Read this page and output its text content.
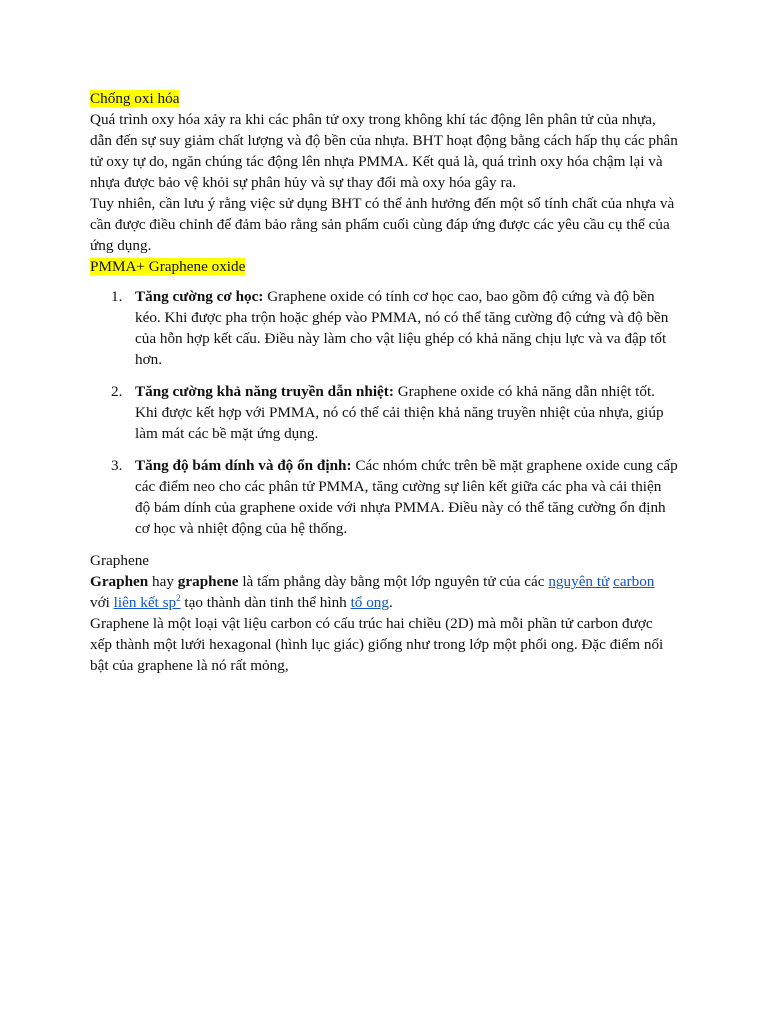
Chống oxi hóa

Quá trình oxy hóa xảy ra khi các phân tử oxy trong không khí tác động lên phân tử của nhựa, dẫn đến sự suy giảm chất lượng và độ bền của nhựa. BHT hoạt động bằng cách hấp thụ các phân tử oxy tự do, ngăn chúng tác động lên nhựa PMMA. Kết quả là, quá trình oxy hóa chậm lại và nhựa được bảo vệ khỏi sự phân hủy và sự thay đổi mà oxy hóa gây ra.

Tuy nhiên, cần lưu ý rằng việc sử dụng BHT có thể ảnh hưởng đến một số tính chất của nhựa và cần được điều chỉnh để đảm bảo rằng sản phẩm cuối cùng đáp ứng được các yêu cầu cụ thể của ứng dụng.

PMMA+ Graphene oxide

1. Tăng cường cơ học: Graphene oxide có tính cơ học cao, bao gồm độ cứng và độ bền kéo. Khi được pha trộn hoặc ghép vào PMMA, nó có thể tăng cường độ cứng và độ bền của hỗn hợp kết cấu. Điều này làm cho vật liệu ghép có khả năng chịu lực và va đập tốt hơn.
2. Tăng cường khả năng truyền dẫn nhiệt: Graphene oxide có khả năng dẫn nhiệt tốt. Khi được kết hợp với PMMA, nó có thể cải thiện khả năng truyền nhiệt của nhựa, giúp làm mát các bề mặt ứng dụng.
3. Tăng độ bám dính và độ ổn định: Các nhóm chức trên bề mặt graphene oxide cung cấp các điểm neo cho các phân tử PMMA, tăng cường sự liên kết giữa các pha và cải thiện độ bám dính của graphene oxide với nhựa PMMA. Điều này có thể tăng cường ổn định cơ học và nhiệt động của hệ thống.

Graphene

Graphen hay graphene là tấm phẳng dày bằng một lớp nguyên tử của các nguyên tử carbon với liên kết sp$^2$ tạo thành dàn tinh thể hình tổ ong.

Graphene là một loại vật liệu carbon có cấu trúc hai chiều (2D) mà mỗi phần tử carbon được xếp thành một lưới hexagonal (hình lục giác) giống như trong lớp một phối ong. Đặc điểm nổi bật của graphene là nó rất mỏng,
